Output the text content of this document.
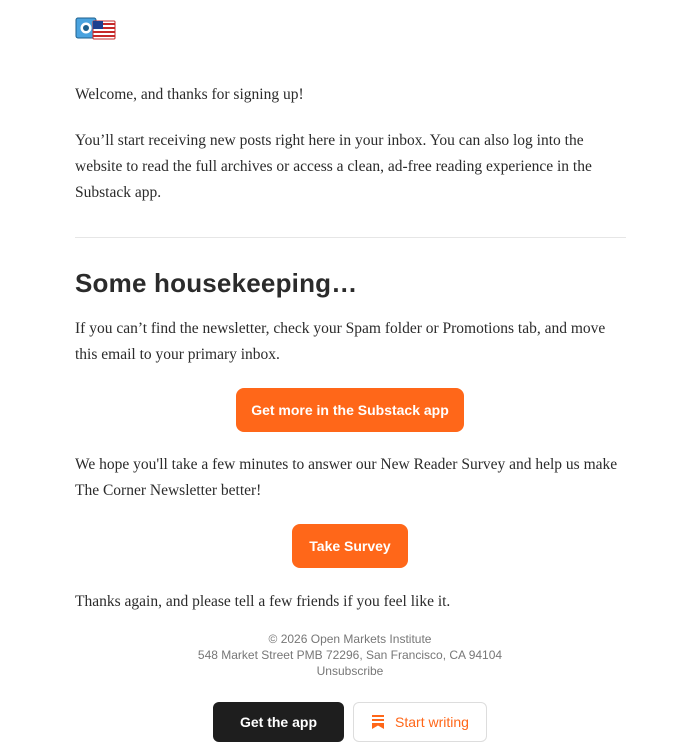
Welcome, and thanks for signing up!

You’ll start receiving new posts right here in your inbox. You can also log into the website to read the full archives or access a clean, ad-free reading experience in the Substack app.

Some housekeeping…

If you can’t find the newsletter, check your Spam folder or Promotions tab, and move this email to your primary inbox.

Get more in the Substack app

We hope you'll take a few minutes to answer our New Reader Survey and help us make The Corner Newsletter better!

Take Survey

Thanks again, and please tell a few friends if you feel like it.

© 2026 Open Markets Institute
548 Market Street PMB 72296, San Francisco, CA 94104
Unsubscribe
Get the app	Start writing
